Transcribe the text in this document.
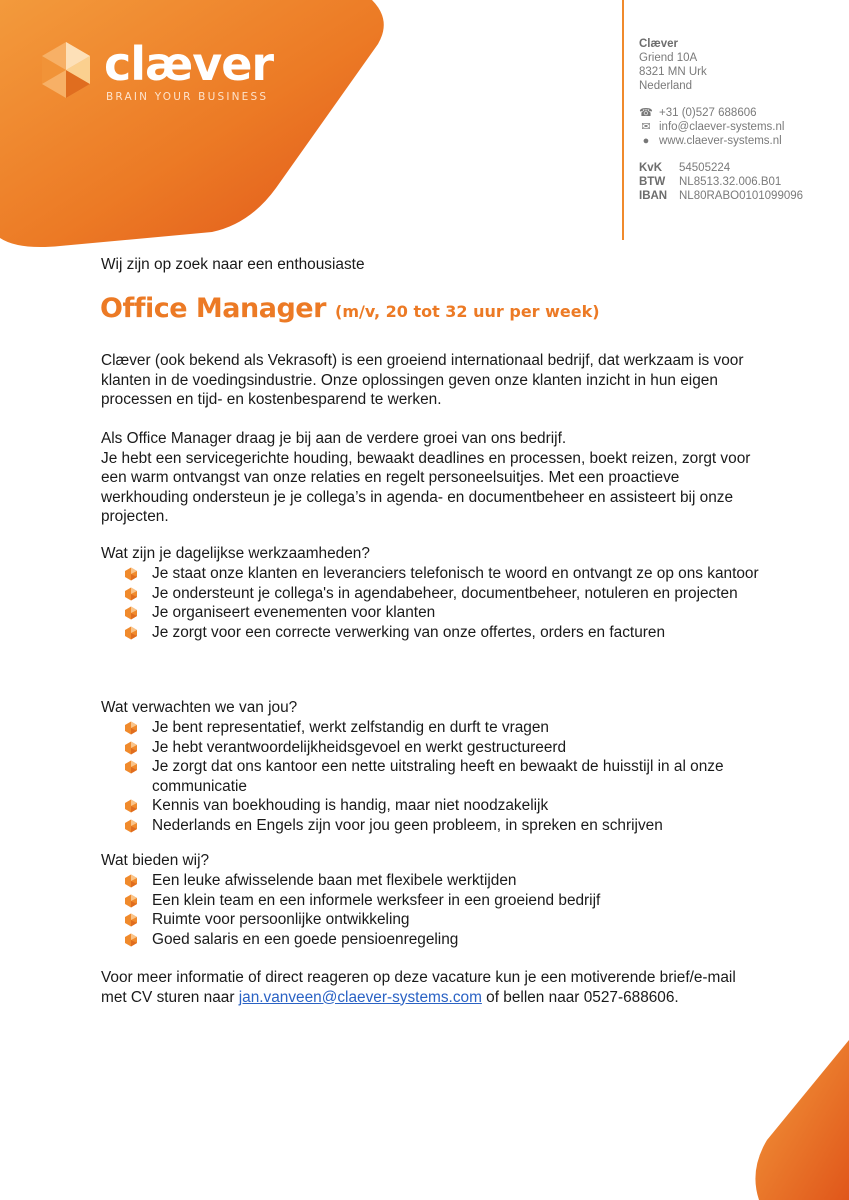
clæver
BRAIN YOUR BUSINESS
Clæver
Griend 10A
8321 MN Urk
Nederland
☎ +31 (0)527 688606
✉ info@claever-systems.nl
● www.claever-systems.nl
KvK 54505224
BTW NL8513.32.006.B01
IBAN NL80RABO0101099096
Wij zijn op zoek naar een enthousiaste
Office Manager (m/v, 20 tot 32 uur per week)

Clæver (ook bekend als Vekrasoft) is een groeiend internationaal bedrijf, dat werkzaam is voor klanten in de voedingsindustrie. Onze oplossingen geven onze klanten inzicht in hun eigen processen en tijd- en kostenbesparend te werken.

Als Office Manager draag je bij aan de verdere groei van ons bedrijf.

Je hebt een servicegerichte houding, bewaakt deadlines en processen, boekt reizen, zorgt voor een warm ontvangst van onze relaties en regelt personeelsuitjes. Met een proactieve werkhouding ondersteun je je collega’s in agenda- en documentbeheer en assisteert bij onze projecten.

Wat zijn je dagelijkse werkzaamheden?
Je staat onze klanten en leveranciers telefonisch te woord en ontvangt ze op ons kantoor
Je ondersteunt je collega's in agendabeheer, documentbeheer, notuleren en projecten
Je organiseert evenementen voor klanten
Je zorgt voor een correcte verwerking van onze offertes, orders en facturen
Wat verwachten we van jou?
Je bent representatief, werkt zelfstandig en durft te vragen
Je hebt verantwoordelijkheidsgevoel en werkt gestructureerd
Je zorgt dat ons kantoor een nette uitstraling heeft en bewaakt de huisstijl in al onze communicatie
Kennis van boekhouding is handig, maar niet noodzakelijk
Nederlands en Engels zijn voor jou geen probleem, in spreken en schrijven
Wat bieden wij?
Een leuke afwisselende baan met flexibele werktijden
Een klein team en een informele werksfeer in een groeiend bedrijf
Ruimte voor persoonlijke ontwikkeling
Goed salaris en een goede pensioenregeling
Voor meer informatie of direct reageren op deze vacature kun je een motiverende brief/e-mail met CV sturen naar jan.vanveen@claever-systems.com of bellen naar 0527-688606.
